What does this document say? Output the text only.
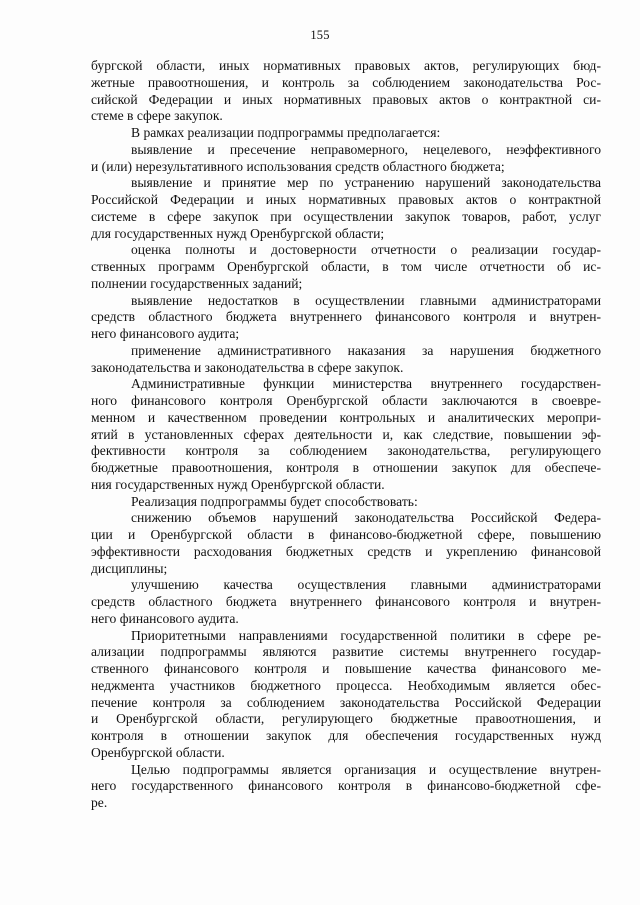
155
бургской области, иных нормативных правовых актов, регулирующих бюд-
жетные правоотношения, и контроль за соблюдением законодательства Рос-
сийской Федерации и иных нормативных правовых актов о контрактной си-
стеме в сфере закупок.
В рамках реализации подпрограммы предполагается:
выявление и пресечение неправомерного, нецелевого, неэффективного
и (или) нерезультативного использования средств областного бюджета;
выявление и принятие мер по устранению нарушений законодательства
Российской Федерации и иных нормативных правовых актов о контрактной
системе в сфере закупок при осуществлении закупок товаров, работ, услуг
для государственных нужд Оренбургской области;
оценка полноты и достоверности отчетности о реализации государ-
ственных программ Оренбургской области, в том числе отчетности об ис-
полнении государственных заданий;
выявление недостатков в осуществлении главными администраторами
средств областного бюджета внутреннего финансового контроля и внутрен-
него финансового аудита;
применение административного наказания за нарушения бюджетного
законодательства и законодательства в сфере закупок.
Административные функции министерства внутреннего государствен-
ного финансового контроля Оренбургской области заключаются в своевре-
менном и качественном проведении контрольных и аналитических меропри-
ятий в установленных сферах деятельности и, как следствие, повышении эф-
фективности контроля за соблюдением законодательства, регулирующего
бюджетные правоотношения, контроля в отношении закупок для обеспече-
ния государственных нужд Оренбургской области.
Реализация подпрограммы будет способствовать:
снижению объемов нарушений законодательства Российской Федера-
ции и Оренбургской области в финансово-бюджетной сфере, повышению
эффективности расходования бюджетных средств и укреплению финансовой
дисциплины;
улучшению качества осуществления главными администраторами
средств областного бюджета внутреннего финансового контроля и внутрен-
него финансового аудита.
Приоритетными направлениями государственной политики в сфере ре-
ализации подпрограммы являются развитие системы внутреннего государ-
ственного финансового контроля и повышение качества финансового ме-
неджмента участников бюджетного процесса. Необходимым является обес-
печение контроля за соблюдением законодательства Российской Федерации
и Оренбургской области, регулирующего бюджетные правоотношения, и
контроля в отношении закупок для обеспечения государственных нужд
Оренбургской области.
Целью подпрограммы является организация и осуществление внутрен-
него государственного финансового контроля в финансово-бюджетной сфе-
ре.
